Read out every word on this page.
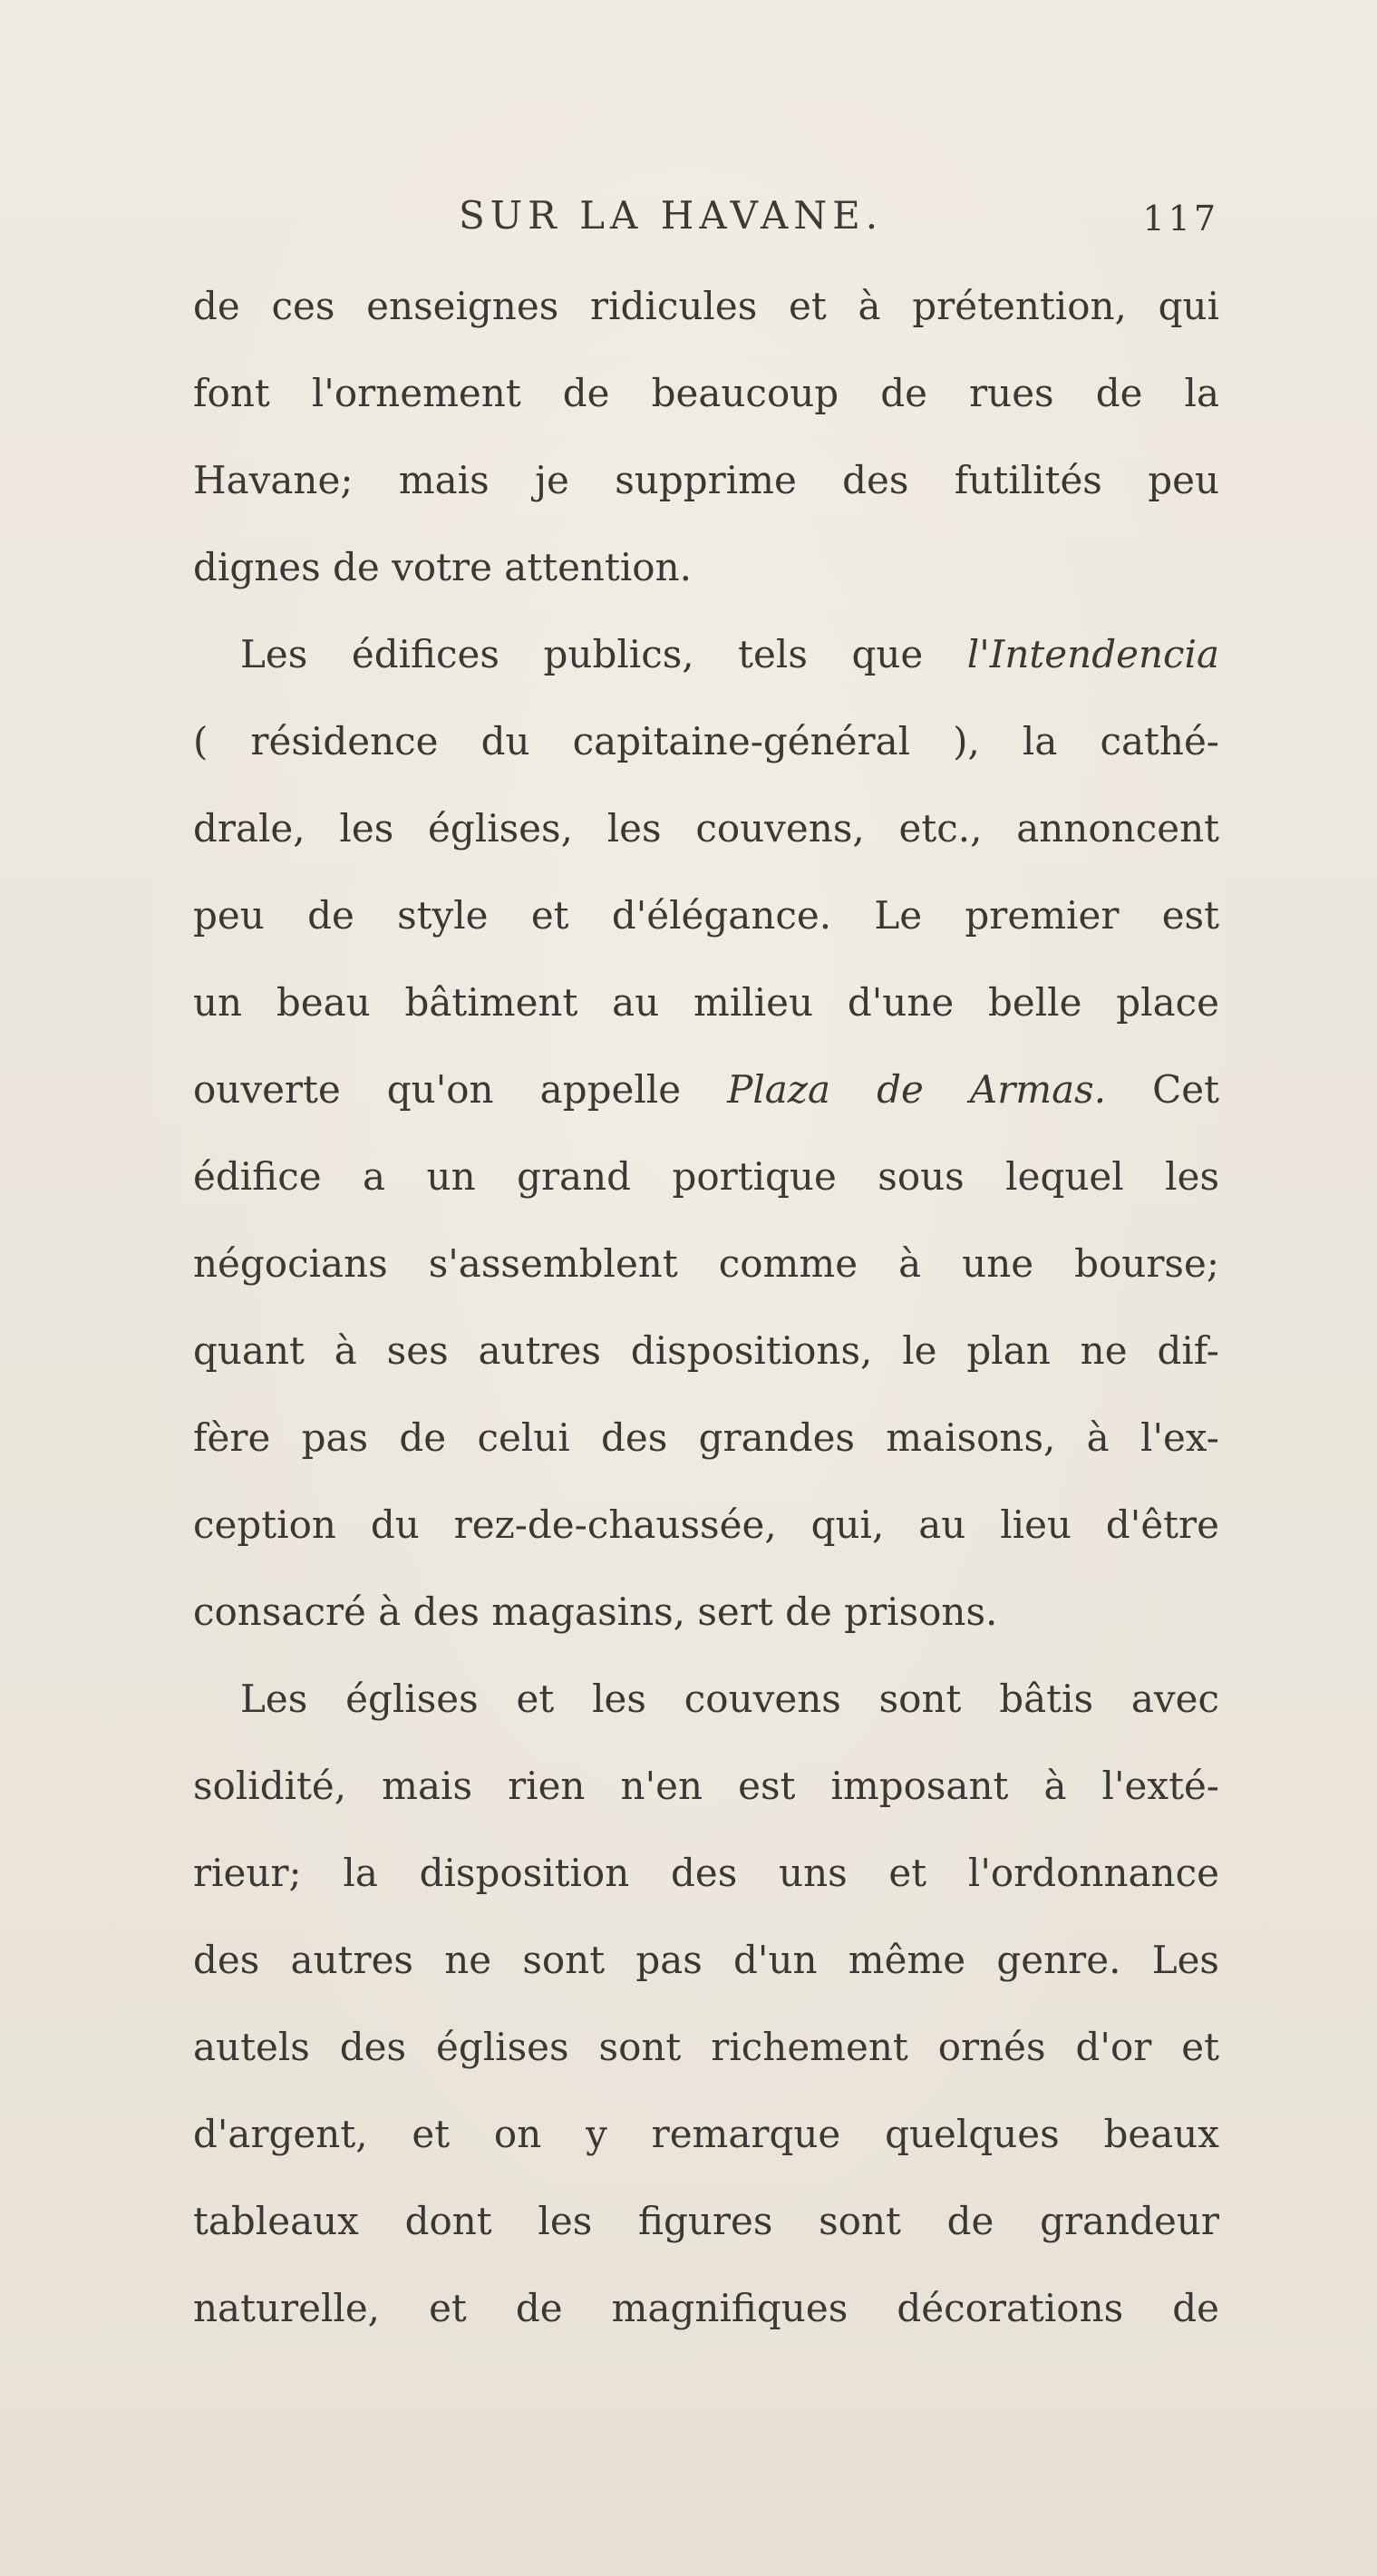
SUR LA HAVANE.	117
de ces enseignes ridicules et à prétention, qui
font l'ornement de beaucoup de rues de la
Havane; mais je supprime des futilités peu
dignes de votre attention.
Les édifices publics, tels que l'Intendencia
( résidence du capitaine-général ), la cathé-
drale, les églises, les couvens, etc., annoncent
peu de style et d'élégance. Le premier est
un beau bâtiment au milieu d'une belle place
ouverte qu'on appelle Plaza de Armas. Cet
édifice a un grand portique sous lequel les
négocians s'assemblent comme à une bourse;
quant à ses autres dispositions, le plan ne dif-
fère pas de celui des grandes maisons, à l'ex-
ception du rez-de-chaussée, qui, au lieu d'être
consacré à des magasins, sert de prisons.
Les églises et les couvens sont bâtis avec
solidité, mais rien n'en est imposant à l'exté-
rieur; la disposition des uns et l'ordonnance
des autres ne sont pas d'un même genre. Les
autels des églises sont richement ornés d'or et
d'argent, et on y remarque quelques beaux
tableaux dont les figures sont de grandeur
naturelle, et de magnifiques décorations de
